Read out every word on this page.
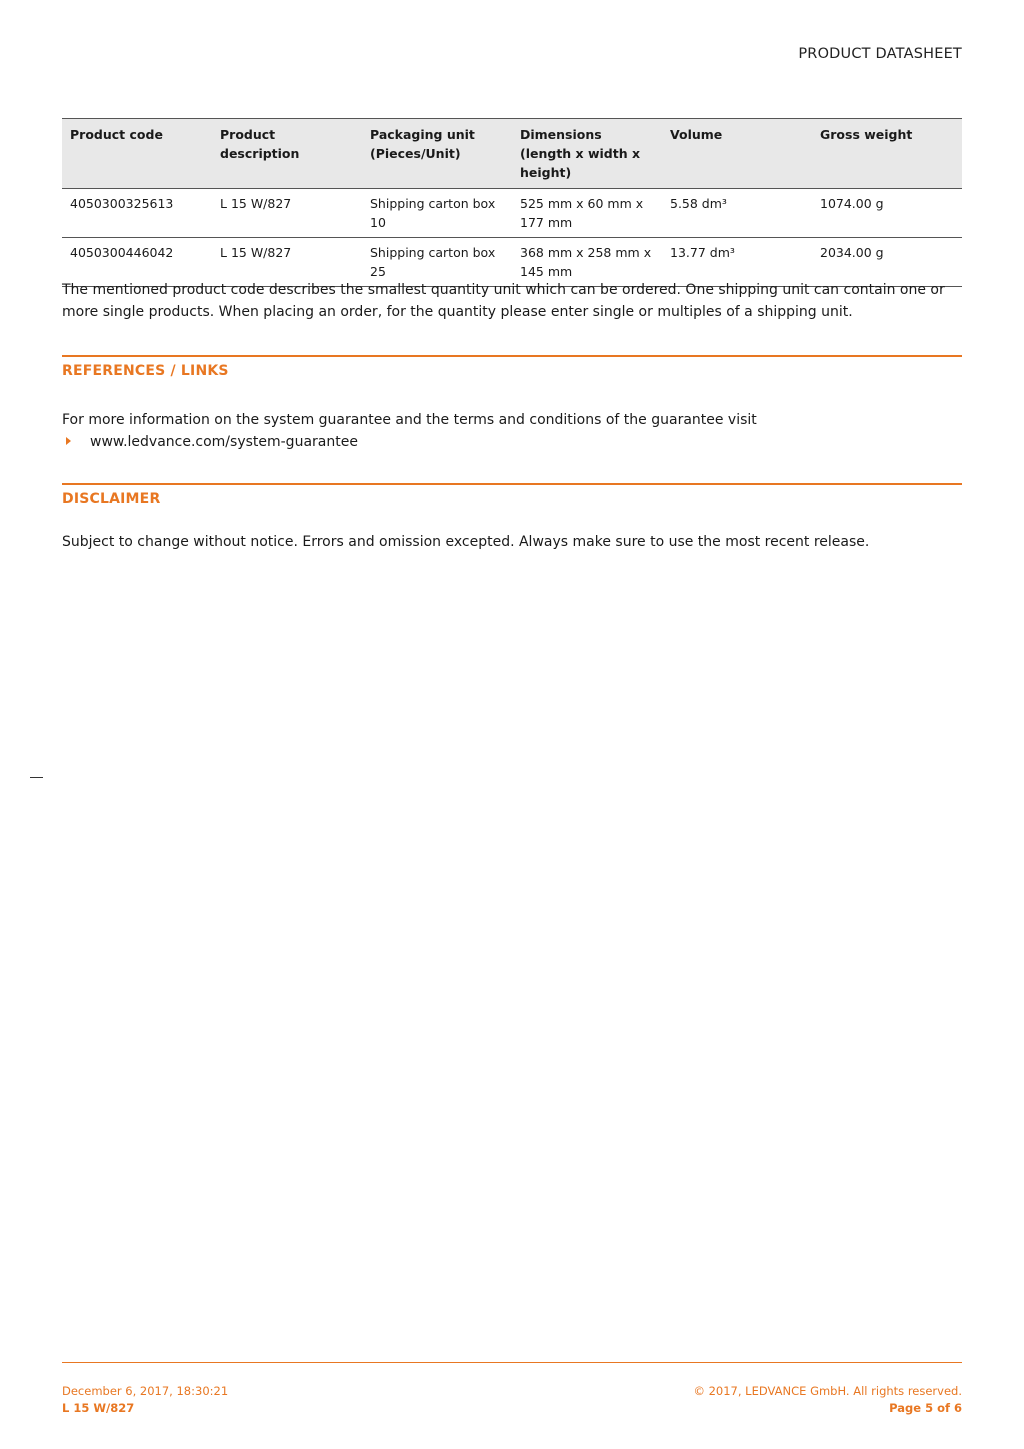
PRODUCT DATASHEET
Product code	Product description	Packaging unit (Pieces/Unit)	Dimensions (length x width x height)	Volume	Gross weight
4050300325613	L 15 W/827	Shipping carton box 10	525 mm x 60 mm x 177 mm	5.58 dm³	1074.00 g
4050300446042	L 15 W/827	Shipping carton box 25	368 mm x 258 mm x 145 mm	13.77 dm³	2034.00 g
The mentioned product code describes the smallest quantity unit which can be ordered. One shipping unit can contain one or more single products. When placing an order, for the quantity please enter single or multiples of a shipping unit.
REFERENCES / LINKS
For more information on the system guarantee and the terms and conditions of the guarantee visit
www.ledvance.com/system-guarantee
DISCLAIMER
Subject to change without notice. Errors and omission excepted. Always make sure to use the most recent release.
December 6, 2017, 18:30:21
L 15 W/827
© 2017, LEDVANCE GmbH. All rights reserved.
Page 5 of 6
